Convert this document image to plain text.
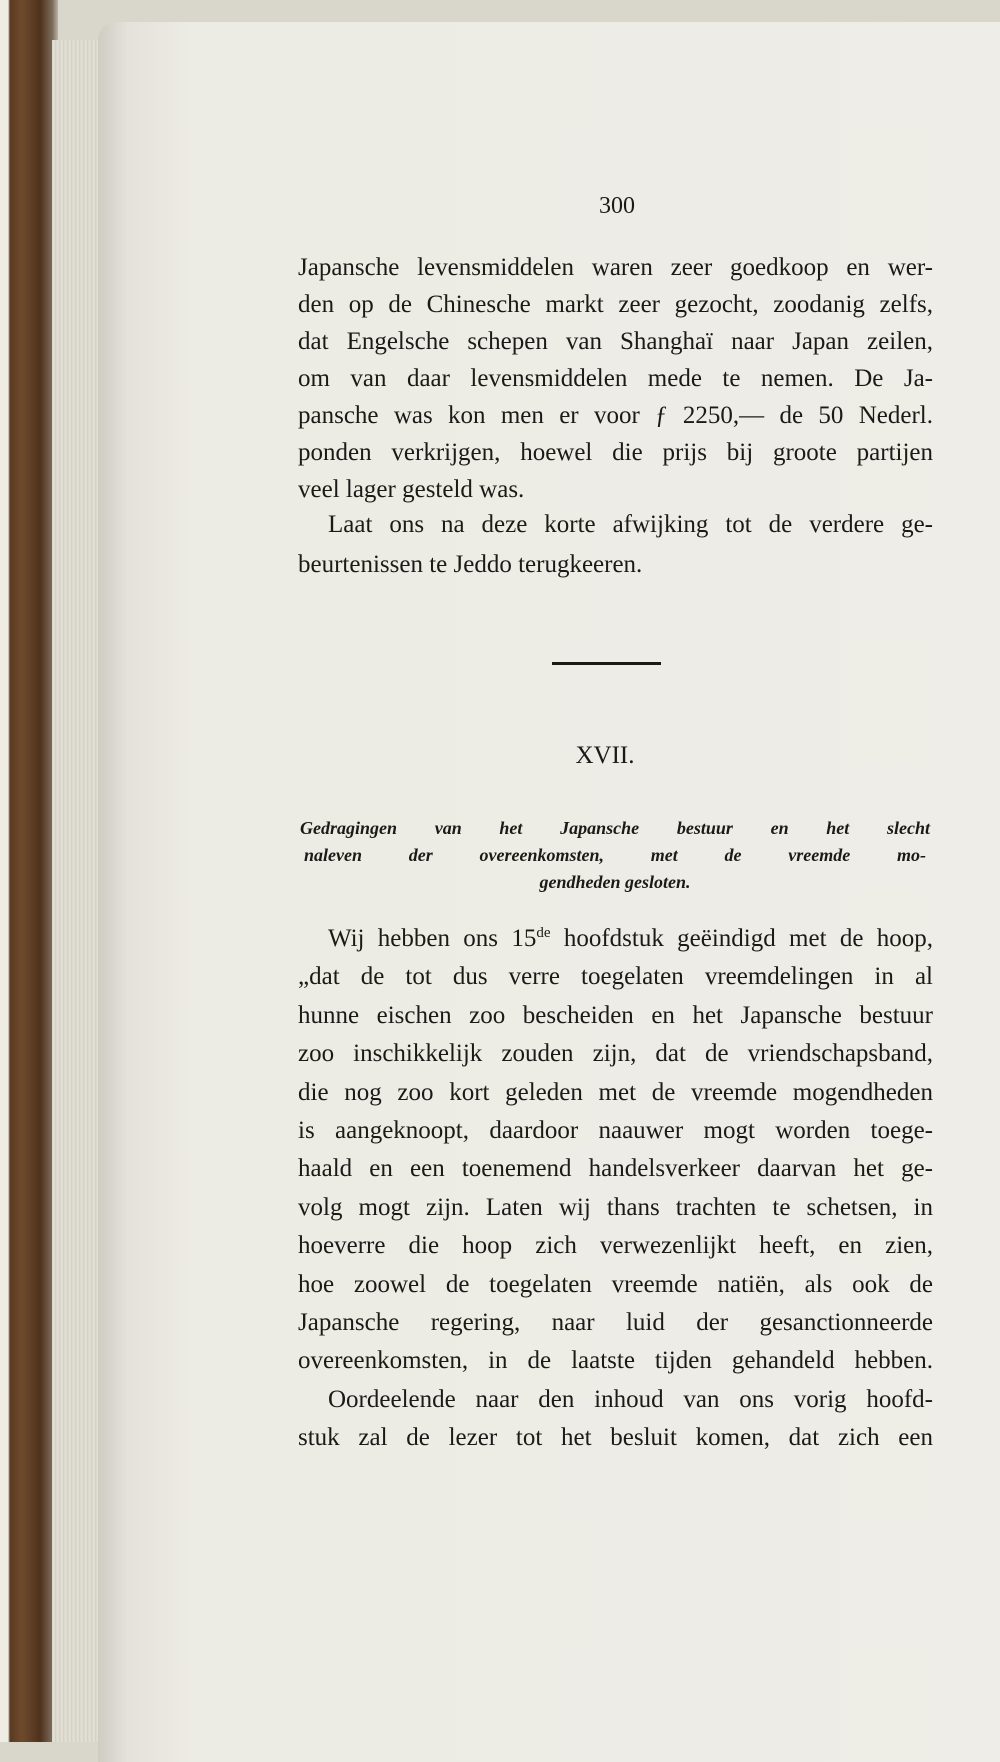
300
Japansche levensmiddelen waren zeer goedkoop en wer-
den op de Chinesche markt zeer gezocht, zoodanig zelfs,
dat Engelsche schepen van Shanghaï naar Japan zeilen,
om van daar levensmiddelen mede te nemen. De Ja-
pansche was kon men er voor ƒ 2250,— de 50 Nederl.
ponden verkrijgen, hoewel die prijs bij groote partijen
veel lager gesteld was.
Laat ons na deze korte afwijking tot de verdere ge-
beurtenissen te Jeddo terugkeeren.
XVII.
Gedragingen van het Japansche bestuur en het slecht
naleven der overeenkomsten, met de vreemde mo-
gendheden gesloten.
Wij hebben ons 15de hoofdstuk geëindigd met de hoop,
„dat de tot dus verre toegelaten vreemdelingen in al
hunne eischen zoo bescheiden en het Japansche bestuur
zoo inschikkelijk zouden zijn, dat de vriendschapsband,
die nog zoo kort geleden met de vreemde mogendheden
is aangeknoopt, daardoor naauwer mogt worden toege-
haald en een toenemend handelsverkeer daarvan het ge-
volg mogt zijn. Laten wij thans trachten te schetsen, in
hoeverre die hoop zich verwezenlijkt heeft, en zien,
hoe zoowel de toegelaten vreemde natiën, als ook de
Japansche regering, naar luid der gesanctionneerde
overeenkomsten, in de laatste tijden gehandeld hebben.
Oordeelende naar den inhoud van ons vorig hoofd-
stuk zal de lezer tot het besluit komen, dat zich een
